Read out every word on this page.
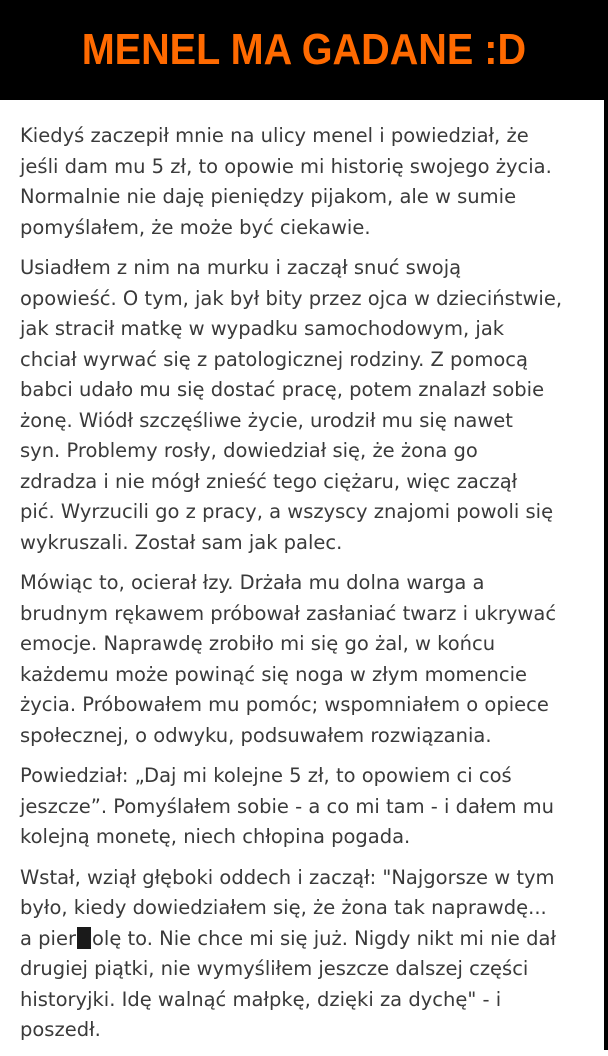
MENEL MA GADANE :D

Kiedyś zaczepił mnie na ulicy menel i powiedział, że
jeśli dam mu 5 zł, to opowie mi historię swojego życia.
Normalnie nie daję pieniędzy pijakom, ale w sumie
pomyślałem, że może być ciekawie.

Usiadłem z nim na murku i zaczął snuć swoją
opowieść. O tym, jak był bity przez ojca w dzieciństwie,
jak stracił matkę w wypadku samochodowym, jak
chciał wyrwać się z patologicznej rodziny. Z pomocą
babci udało mu się dostać pracę, potem znalazł sobie
żonę. Wiódł szczęśliwe życie, urodził mu się nawet
syn. Problemy rosły, dowiedział się, że żona go
zdradza i nie mógł znieść tego ciężaru, więc zaczął
pić. Wyrzucili go z pracy, a wszyscy znajomi powoli się
wykruszali. Został sam jak palec.

Mówiąc to, ocierał łzy. Drżała mu dolna warga a
brudnym rękawem próbował zasłaniać twarz i ukrywać
emocje. Naprawdę zrobiło mi się go żal, w końcu
każdemu może powinąć się noga w złym momencie
życia. Próbowałem mu pomóc; wspomniałem o opiece
społecznej, o odwyku, podsuwałem rozwiązania.

Powiedział: „Daj mi kolejne 5 zł, to opowiem ci coś
jeszcze”. Pomyślałem sobie - a co mi tam - i dałem mu
kolejną monetę, niech chłopina pogada.

Wstał, wziął głęboki oddech i zaczął: "Najgorsze w tym
było, kiedy dowiedziałem się, że żona tak naprawdę...
a pier olę to. Nie chce mi się już. Nigdy nikt mi nie dał
drugiej piątki, nie wymyśliłem jeszcze dalszej części
historyjki. Idę walnąć małpkę, dzięki za dychę" - i
poszedł.
